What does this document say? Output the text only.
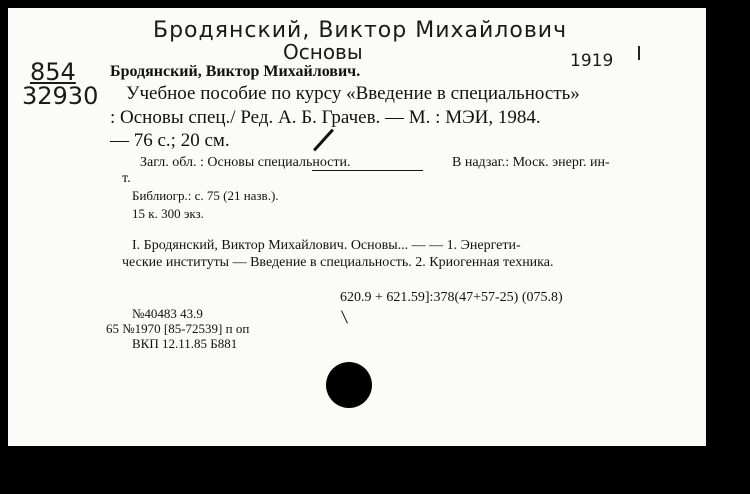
Бродянский, Виктор Михайлович
Основы	1919
854
32930
Бродянский, Виктор Михайлович.
Учебное пособие по курсу «Введение в специальность»
: Основы спец./ Ред. А. Б. Грачев. — М. : МЭИ, 1984.
— 76 с.; 20 см.
Загл. обл. : Основы специальности.	В надзаг.: Моск. энерг. ин-
т.
Библиогр.: с. 75 (21 назв.).
15 к. 300 экз.
I. Бродянский, Виктор Михайлович. Основы... — — 1. Энергети-
ческие институты — Введение в специальность. 2. Криогенная техника.
620.9 + 621.59]:378(47+57-25) (075.8)
№40483 43.9
65 №1970 [85-72539] п оп
ВКП 12.11.85 Б881
